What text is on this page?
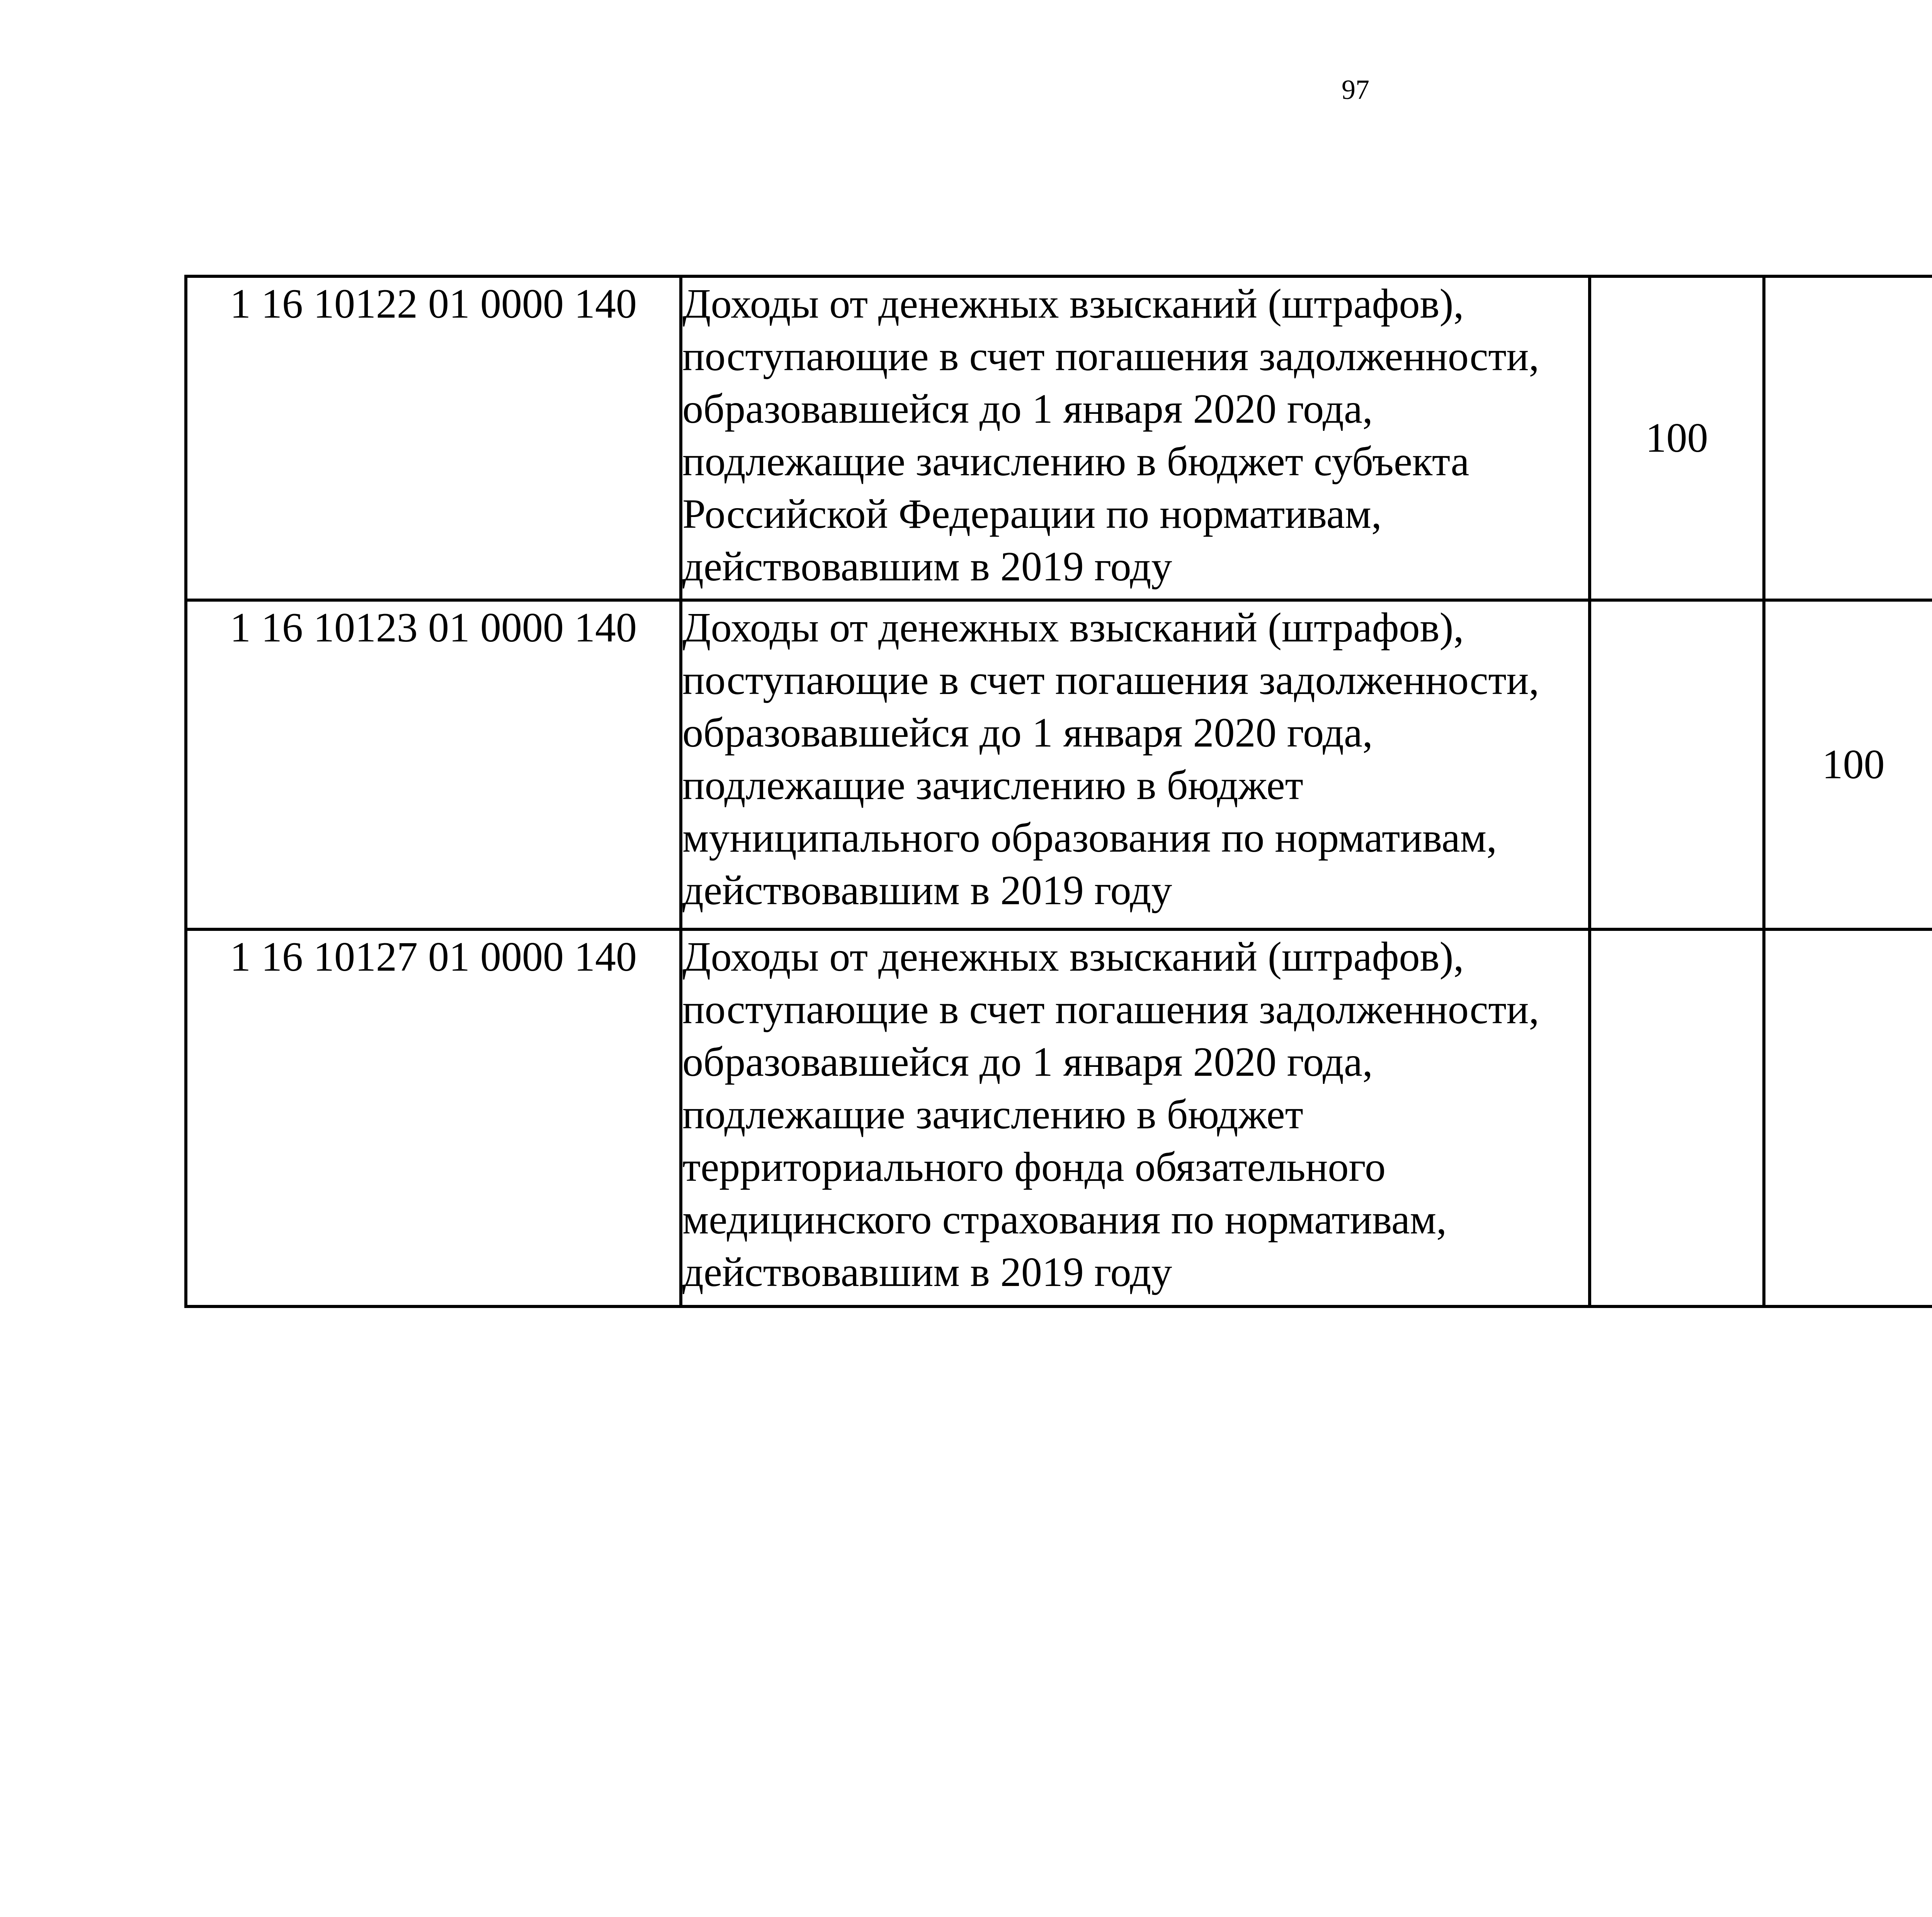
97
1 16 10122 01 0000 140	Доходы от денежных взысканий (штрафов), поступающие в счет погашения задолженности, образовавшейся до 1 января 2020 года, подлежащие зачислению в бюджет субъекта Российской Федерации по нормативам, действовавшим в 2019 году	100				
1 16 10123 01 0000 140	Доходы от денежных взысканий (штрафов), поступающие в счет погашения задолженности, образовавшейся до 1 января 2020 года, подлежащие зачислению в бюджет муниципального образования по нормативам, действовавшим в 2019 году		100			
1 16 10127 01 0000 140	Доходы от денежных взысканий (штрафов), поступающие в счет погашения задолженности, образовавшейся до 1 января 2020 года, подлежащие зачислению в бюджет территориального фонда обязательного медицинского страхования по нормативам, действовавшим в 2019 году					
